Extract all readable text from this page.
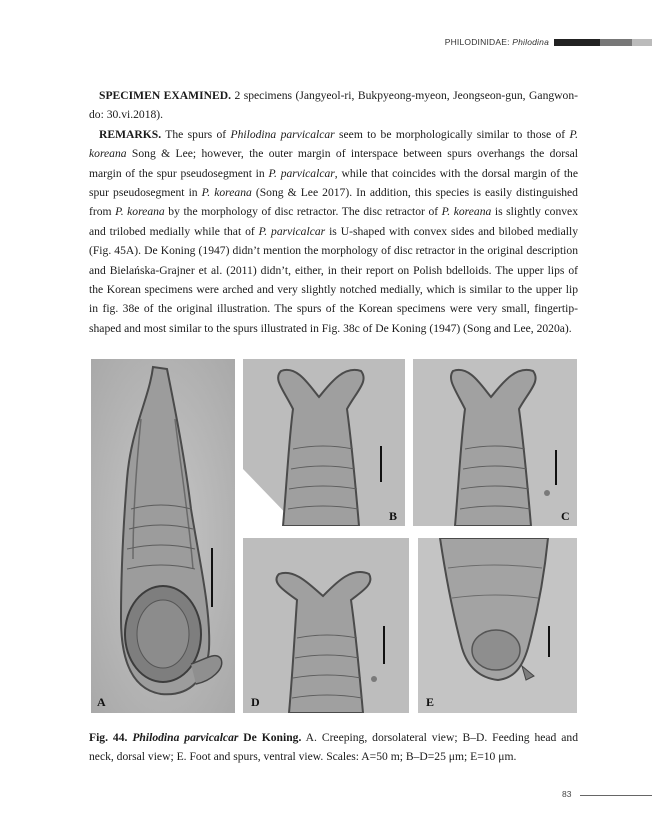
PHILODINIDAE: Philodina

SPECIMEN EXAMINED. 2 specimens (Jangyeol-ri, Bukpyeong-myeon, Jeongseon-gun, Gangwon-do: 30.vi.2018).

REMARKS. The spurs of Philodina parvicalcar seem to be morphologically similar to those of P. koreana Song & Lee; however, the outer margin of interspace between spurs overhangs the dorsal margin of the spur pseudosegment in P. parvicalcar, while that coincides with the dorsal margin of the spur pseudosegment in P. koreana (Song & Lee 2017). In addition, this species is easily distinguished from P. koreana by the morphology of disc retractor. The disc retractor of P. koreana is slightly convex and trilobed medially while that of P. parvicalcar is U-shaped with convex sides and bilobed medially (Fig. 45A). De Koning (1947) didn’t mention the morphology of disc retractor in the original description and Bielańska-Grajner et al. (2011) didn’t, either, in their report on Polish bdelloids. The upper lips of the Korean specimens were arched and very slightly notched medially, which is similar to the upper lip in fig. 38e of the original illustration. The spurs of the Korean specimens were very small, fingertip-shaped and most similar to the spurs illustrated in Fig. 38c of De Koning (1947) (Song and Lee, 2020a).

A
B	C
D	E
Fig. 44. Philodina parvicalcar De Koning. A. Creeping, dorsolateral view; B–D. Feeding head and neck, dorsal view; E. Foot and spurs, ventral view. Scales: A=50 m; B–D=25 μm; E=10 μm.
83
